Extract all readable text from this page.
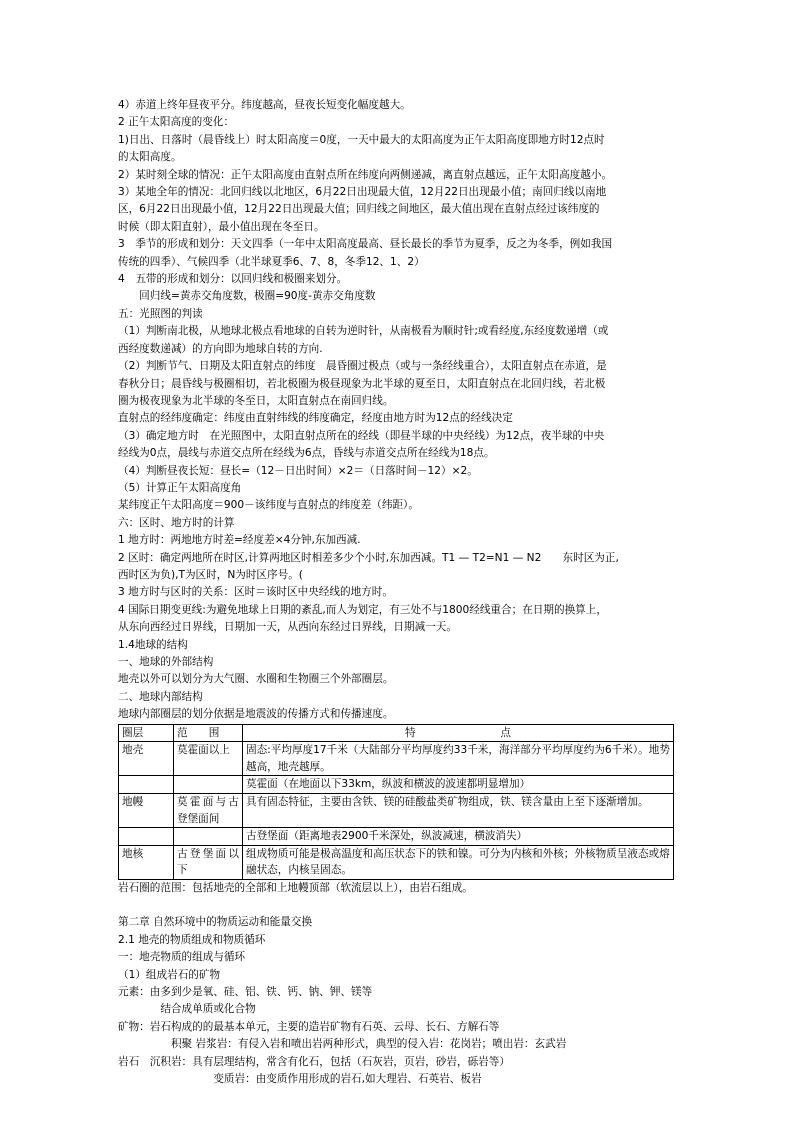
4）赤道上终年昼夜平分。纬度越高，昼夜长短变化幅度越大。
2 正午太阳高度的变化：
1)日出、日落时（晨昏线上）时太阳高度＝0度，一天中最大的太阳高度为正午太阳高度即地方时12点时
的太阳高度。
2）某时刻全球的情况：正午太阳高度由直射点所在纬度向两侧递减，离直射点越远，正午太阳高度越小。
3）某地全年的情况：北回归线以北地区，6月22日出现最大值，12月22日出现最小值；南回归线以南地
区，6月22日出现最小值，12月22日出现最大值；回归线之间地区，最大值出现在直射点经过该纬度的
时候（即太阳直射），最小值出现在冬至日。
3　季节的形成和划分：天文四季（一年中太阳高度最高、昼长最长的季节为夏季，反之为冬季，例如我国
传统的四季）、气候四季（北半球夏季6、7、8，冬季12、1、2）
4　五带的形成和划分：以回归线和极圈来划分。
　　回归线=黄赤交角度数，极圈=90度-黄赤交角度数
五：光照图的判读
（1）判断南北极，从地球北极点看地球的自转为逆时针，从南极看为顺时针;或看经度,东经度数递增（或
西经度数递减）的方向即为地球自转的方向.
（2）判断节气、日期及太阳直射点的纬度　晨昏圈过极点（或与一条经线重合），太阳直射点在赤道，是
春秋分日；晨昏线与极圈相切，若北极圈为极昼现象为北半球的夏至日，太阳直射点在北回归线，若北极
圈为极夜现象为北半球的冬至日，太阳直射点在南回归线。
直射点的经纬度确定：纬度由直射纬线的纬度确定，经度由地方时为12点的经线决定
（3）确定地方时　在光照图中，太阳直射点所在的经线（即昼半球的中央经线）为12点，夜半球的中央
经线为0点，晨线与赤道交点所在经线为6点，昏线与赤道交点所在经线为18点。
（4）判断昼夜长短：昼长=（12－日出时间）×2＝（日落时间－12）×2。
（5）计算正午太阳高度角
某纬度正午太阳高度＝900－该纬度与直射点的纬度差（纬距）。
六：区时、地方时的计算
1 地方时：两地地方时差=经度差×4分钟,东加西减.
2 区时：确定两地所在时区,计算两地区时相差多少个小时,东加西减。T1 — T2=N1 — N2　　东时区为正,
西时区为负),T为区时，N为时区序号。(
3 地方时与区时的关系：区时＝该时区中央经线的地方时。
4 国际日期变更线:为避免地球上日期的紊乱,而人为划定，有三处不与1800经线重合；在日期的换算上，
从东向西经过日界线，日期加一天，从西向东经过日界线，日期减一天。
1.4地球的结构
一、地球的外部结构
地壳以外可以划分为大气圈、水圈和生物圈三个外部圈层。
二、地球内部结构
地球内部圈层的划分依据是地震波的传播方式和传播速度。
圈层	范　　围	特　　　　　　　　点
地壳	莫霍面以上	固态:平均厚度17千米（大陆部分平均厚度约33千米，海洋部分平均厚度约为6千米）。地势越高，地壳越厚。
		莫霍面（在地面以下33km，纵波和横波的波速都明显增加）
地幔	莫霍面与古登堡面间	具有固态特征，主要由含铁、镁的硅酸盐类矿物组成，铁、镁含量由上至下逐渐增加。
		古登堡面（距离地表2900千米深处，纵波减速，横波消失）
地核	古登堡面以下	组成物质可能是极高温度和高压状态下的铁和镍。可分为内核和外核；外核物质呈液态或熔融状态，内核呈固态。
岩石圈的范围：包括地壳的全部和上地幔顶部（软流层以上），由岩石组成。
第二章 自然环境中的物质运动和能量交换
2.1 地壳的物质组成和物质循环
一：地壳物质的组成与循环
（1）组成岩石的矿物
元素：由多到少是氧、硅、铝、铁、钙、钠、钾、镁等
　　　　结合成单质或化合物
矿物：岩石构成的的最基本单元，主要的造岩矿物有石英、云母、长石、方解石等
　　　　　积聚 岩浆岩：有侵入岩和喷出岩两种形式，典型的侵入岩：花岗岩；喷出岩：玄武岩
岩石　沉积岩：具有层理结构，常含有化石，包括（石灰岩，页岩，砂岩，砾岩等）
　　　　　　　　　变质岩：由变质作用形成的岩石,如大理岩、石英岩、板岩
